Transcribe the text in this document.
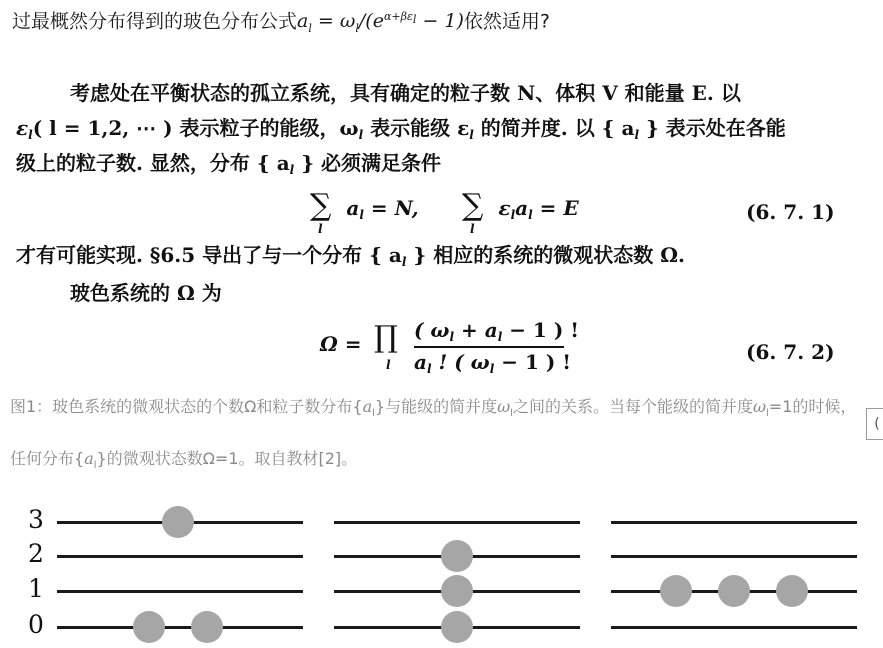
过最概然分布得到的玻色分布公式$a_l = \omega_l/(e^{\alpha+\beta\varepsilon_l} - 1)$依然适用?
考虑处在平衡状态的孤立系统，具有确定的粒子数 N、体积 V 和能量 E. 以
$\varepsilon_l$( l = 1,2, ⋯ ) 表示粒子的能级，$\omega_l$ 表示能级 $\varepsilon_l$ 的简并度. 以 { $a_l$ } 表示处在各能
级上的粒子数. 显然，分布 { $a_l$ } 必须满足条件
∑
l
$a_l = N$, ∑
l
$\varepsilon_la_l = E$	(6. 7. 1)
才有可能实现. §6.5 导出了与一个分布 { $a_l$ } 相应的系统的微观状态数 Ω.
玻色系统的 Ω 为
Ω = ∏
l $\frac{( \omega_l + a_l - 1 ) !}{a_l ! ( \omega_l - 1 ) !}$	(6. 7. 2)
图1：玻色系统的微观状态的个数Ω和粒子数分布$\{a_l\}$与能级的简并度$\omega_l$之间的关系。当每个能级的简并度$\omega_l=1$的时候，任何分布$\{a_l\}$的微观状态数Ω=1。取自教材[2]。
(
3
2
1
0
